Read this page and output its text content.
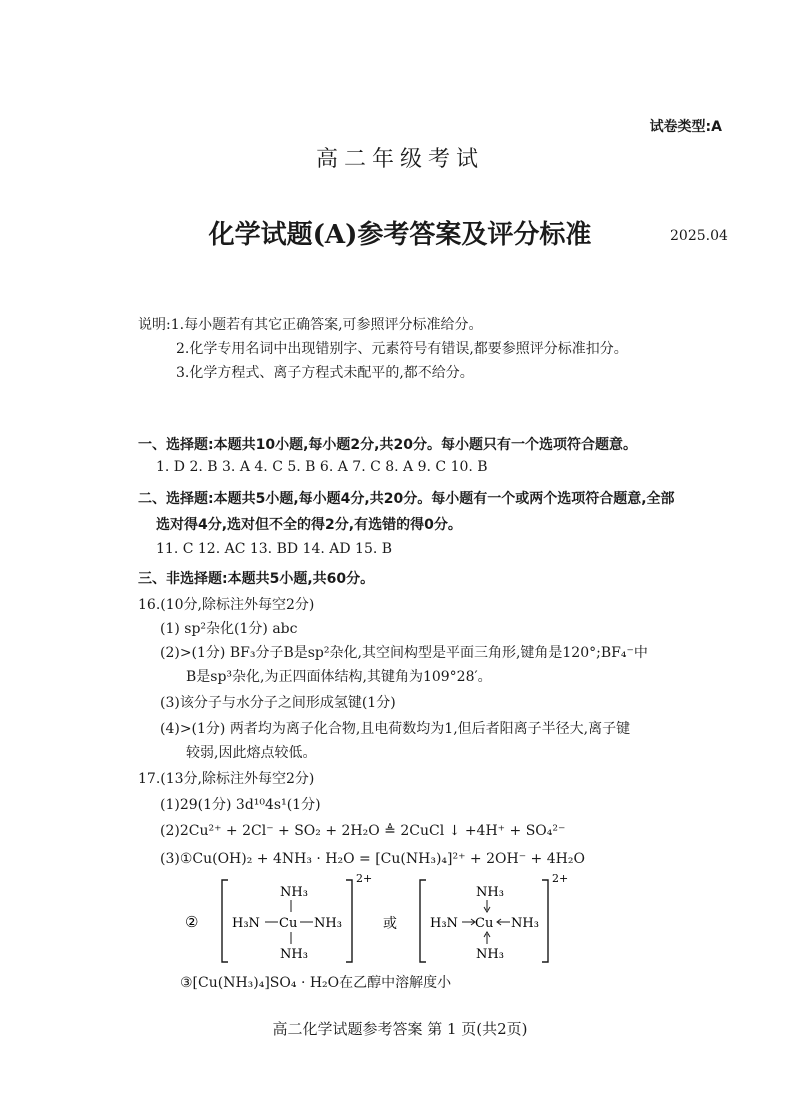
试卷类型:A
高二年级考试
化学试题(A)参考答案及评分标准	2025.04
说明:1.每小题若有其它正确答案,可参照评分标准给分。
2.化学专用名词中出现错别字、元素符号有错误,都要参照评分标准扣分。
3.化学方程式、离子方程式未配平的,都不给分。
一、选择题:本题共10小题,每小题2分,共20分。每小题只有一个选项符合题意。
1. D 2. B 3. A 4. C 5. B 6. A 7. C 8. A 9. C 10. B
二、选择题:本题共5小题,每小题4分,共20分。每小题有一个或两个选项符合题意,全部
选对得4分,选对但不全的得2分,有选错的得0分。
11. C 12. AC 13. BD 14. AD 15. B
三、非选择题:本题共5小题,共60分。
16.(10分,除标注外每空2分)
(1) sp²杂化(1分) abc
(2)>(1分) BF₃分子B是sp²杂化,其空间构型是平面三角形,键角是120°;BF₄⁻中
B是sp³杂化,为正四面体结构,其键角为109°28′。
(3)该分子与水分子之间形成氢键(1分)
(4)>(1分) 两者均为离子化合物,且电荷数均为1,但后者阳离子半径大,离子键
较弱,因此熔点较低。
17.(13分,除标注外每空2分)
(1)29(1分) 3d¹⁰4s¹(1分)
(2)2Cu²⁺ + 2Cl⁻ + SO₂ + 2H₂O ≜ 2CuCl ↓ +4H⁺ + SO₄²⁻
(3)①Cu(OH)₂ + 4NH₃ · H₂O = [Cu(NH₃)₄]²⁺ + 2OH⁻ + 4H₂O
②
2+
NH₃
H₃N Cu NH₃
NH₃
或
2+
NH₃
H₃N Cu NH₃
NH₃
③[Cu(NH₃)₄]SO₄ · H₂O在乙醇中溶解度小
高二化学试题参考答案 第 1 页(共2页)
